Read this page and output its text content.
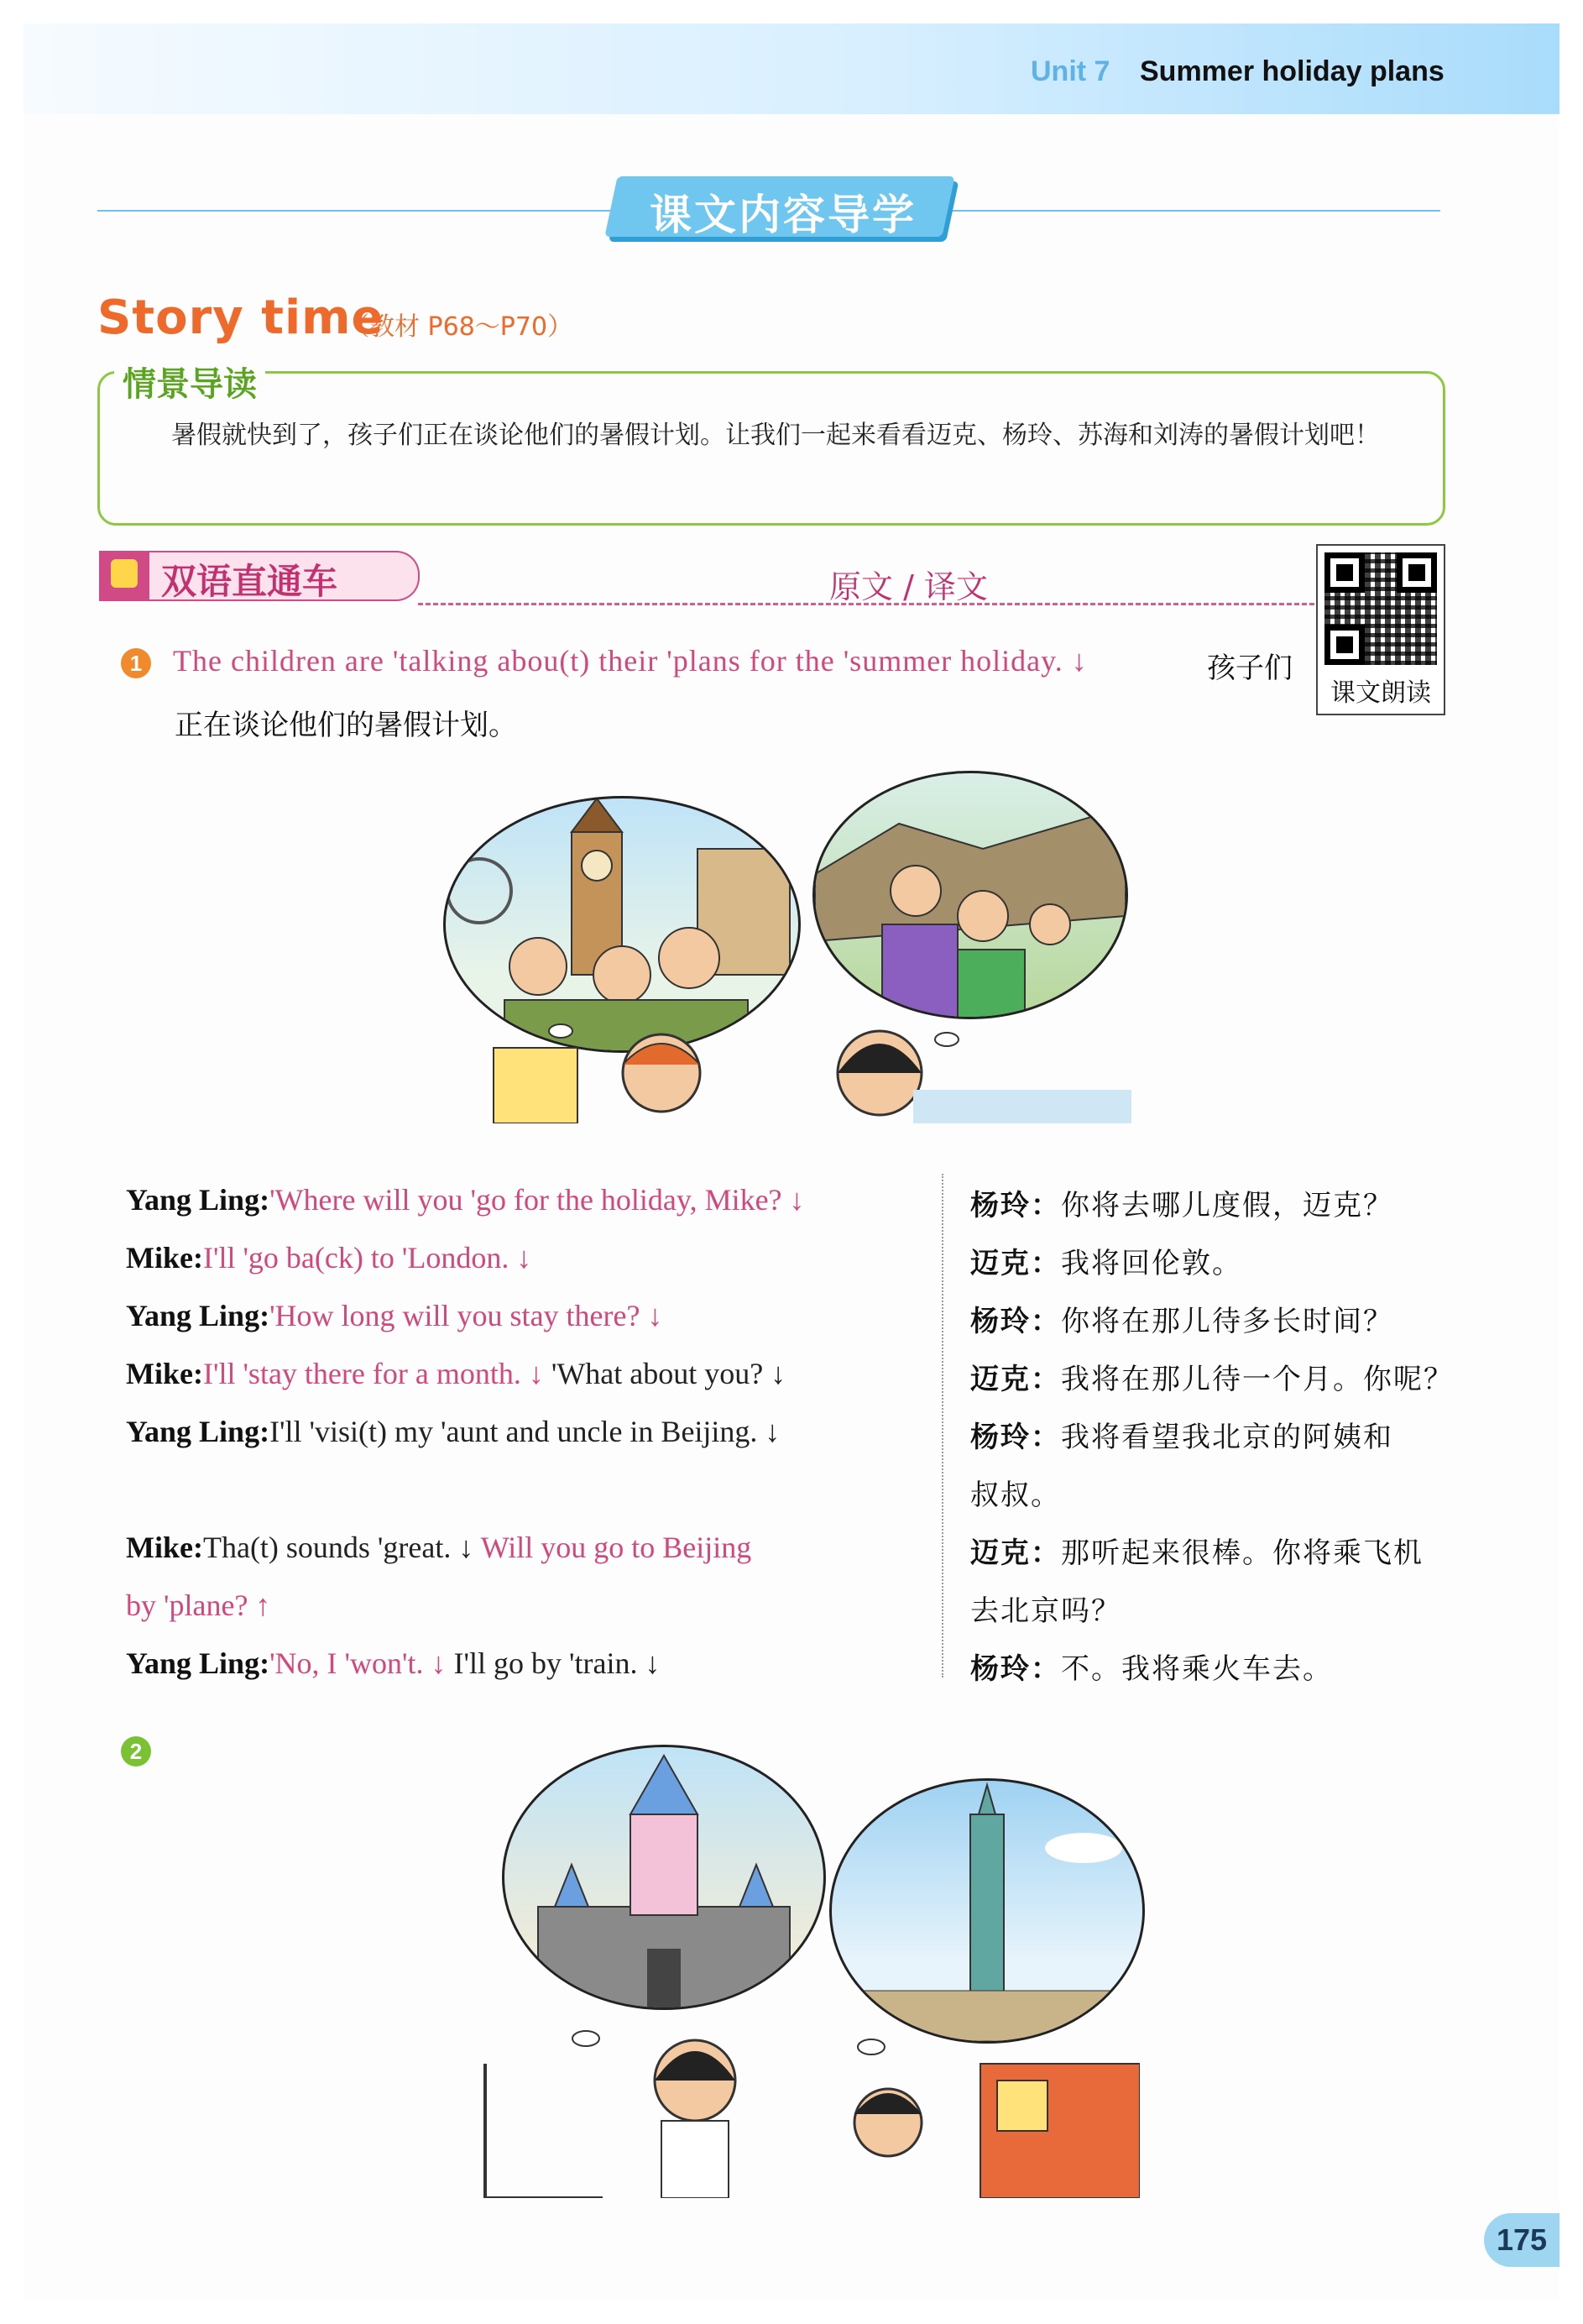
Unit 7 Summer holiday plans
课文内容导学
Story time
（教材 P68～P70）
情景导读
暑假就快到了，孩子们正在谈论他们的暑假计划。让我们一起来看看迈克、杨玲、苏海和刘涛的暑假计划吧！
双语直通车	原文 / 译文
课文朗读
1 The children are 'talking abou(t) their 'plans for the 'summer holiday. ↓	孩子们
正在谈论他们的暑假计划。
Yang Ling:'Where will you 'go for the holiday, Mike? ↓
Mike:I'll 'go ba(ck) to 'London. ↓
Yang Ling:'How long will you stay there? ↓
Mike:I'll 'stay there for a month. ↓ 'What about you? ↓
Yang Ling:I'll 'visi(t) my 'aunt and uncle in Beijing. ↓
Mike:Tha(t) sounds 'great. ↓ Will you go to Beijing
by 'plane? ↑
Yang Ling:'No, I 'won't. ↓ I'll go by 'train. ↓
杨玲：你将去哪儿度假，迈克？
迈克：我将回伦敦。
杨玲：你将在那儿待多长时间？
迈克：我将在那儿待一个月。你呢？
杨玲：我将看望我北京的阿姨和
叔叔。
迈克：那听起来很棒。你将乘飞机
去北京吗？
杨玲：不。我将乘火车去。
2
175
